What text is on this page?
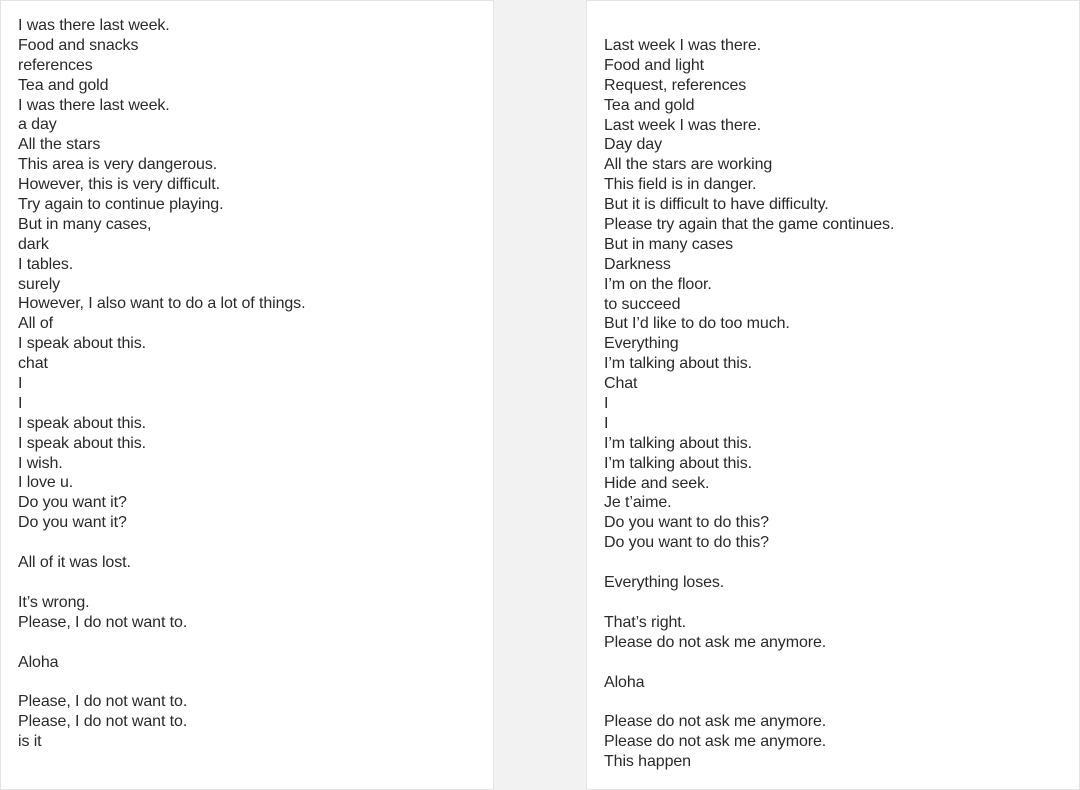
I was there last week.
Food and snacks
references
Tea and gold
I was there last week.
a day
All the stars
This area is very dangerous.
However, this is very difficult.
Try again to continue playing.
But in many cases,
dark
I tables.
surely
However, I also want to do a lot of things.
All of
I speak about this.
chat
I
I
I speak about this.
I speak about this.
I wish.
I love u.
Do you want it?
Do you want it?
All of it was lost.
It’s wrong.
Please, I do not want to.
Aloha
Please, I do not want to.
Please, I do not want to.
is it
Last week I was there.
Food and light
Request, references
Tea and gold
Last week I was there.
Day day
All the stars are working
This field is in danger.
But it is difficult to have difficulty.
Please try again that the game continues.
But in many cases
Darkness
I’m on the floor.
to succeed
But I’d like to do too much.
Everything
I’m talking about this.
Chat
I
I
I’m talking about this.
I’m talking about this.
Hide and seek.
Je t’aime.
Do you want to do this?
Do you want to do this?
Everything loses.
That’s right.
Please do not ask me anymore.
Aloha
Please do not ask me anymore.
Please do not ask me anymore.
This happen
